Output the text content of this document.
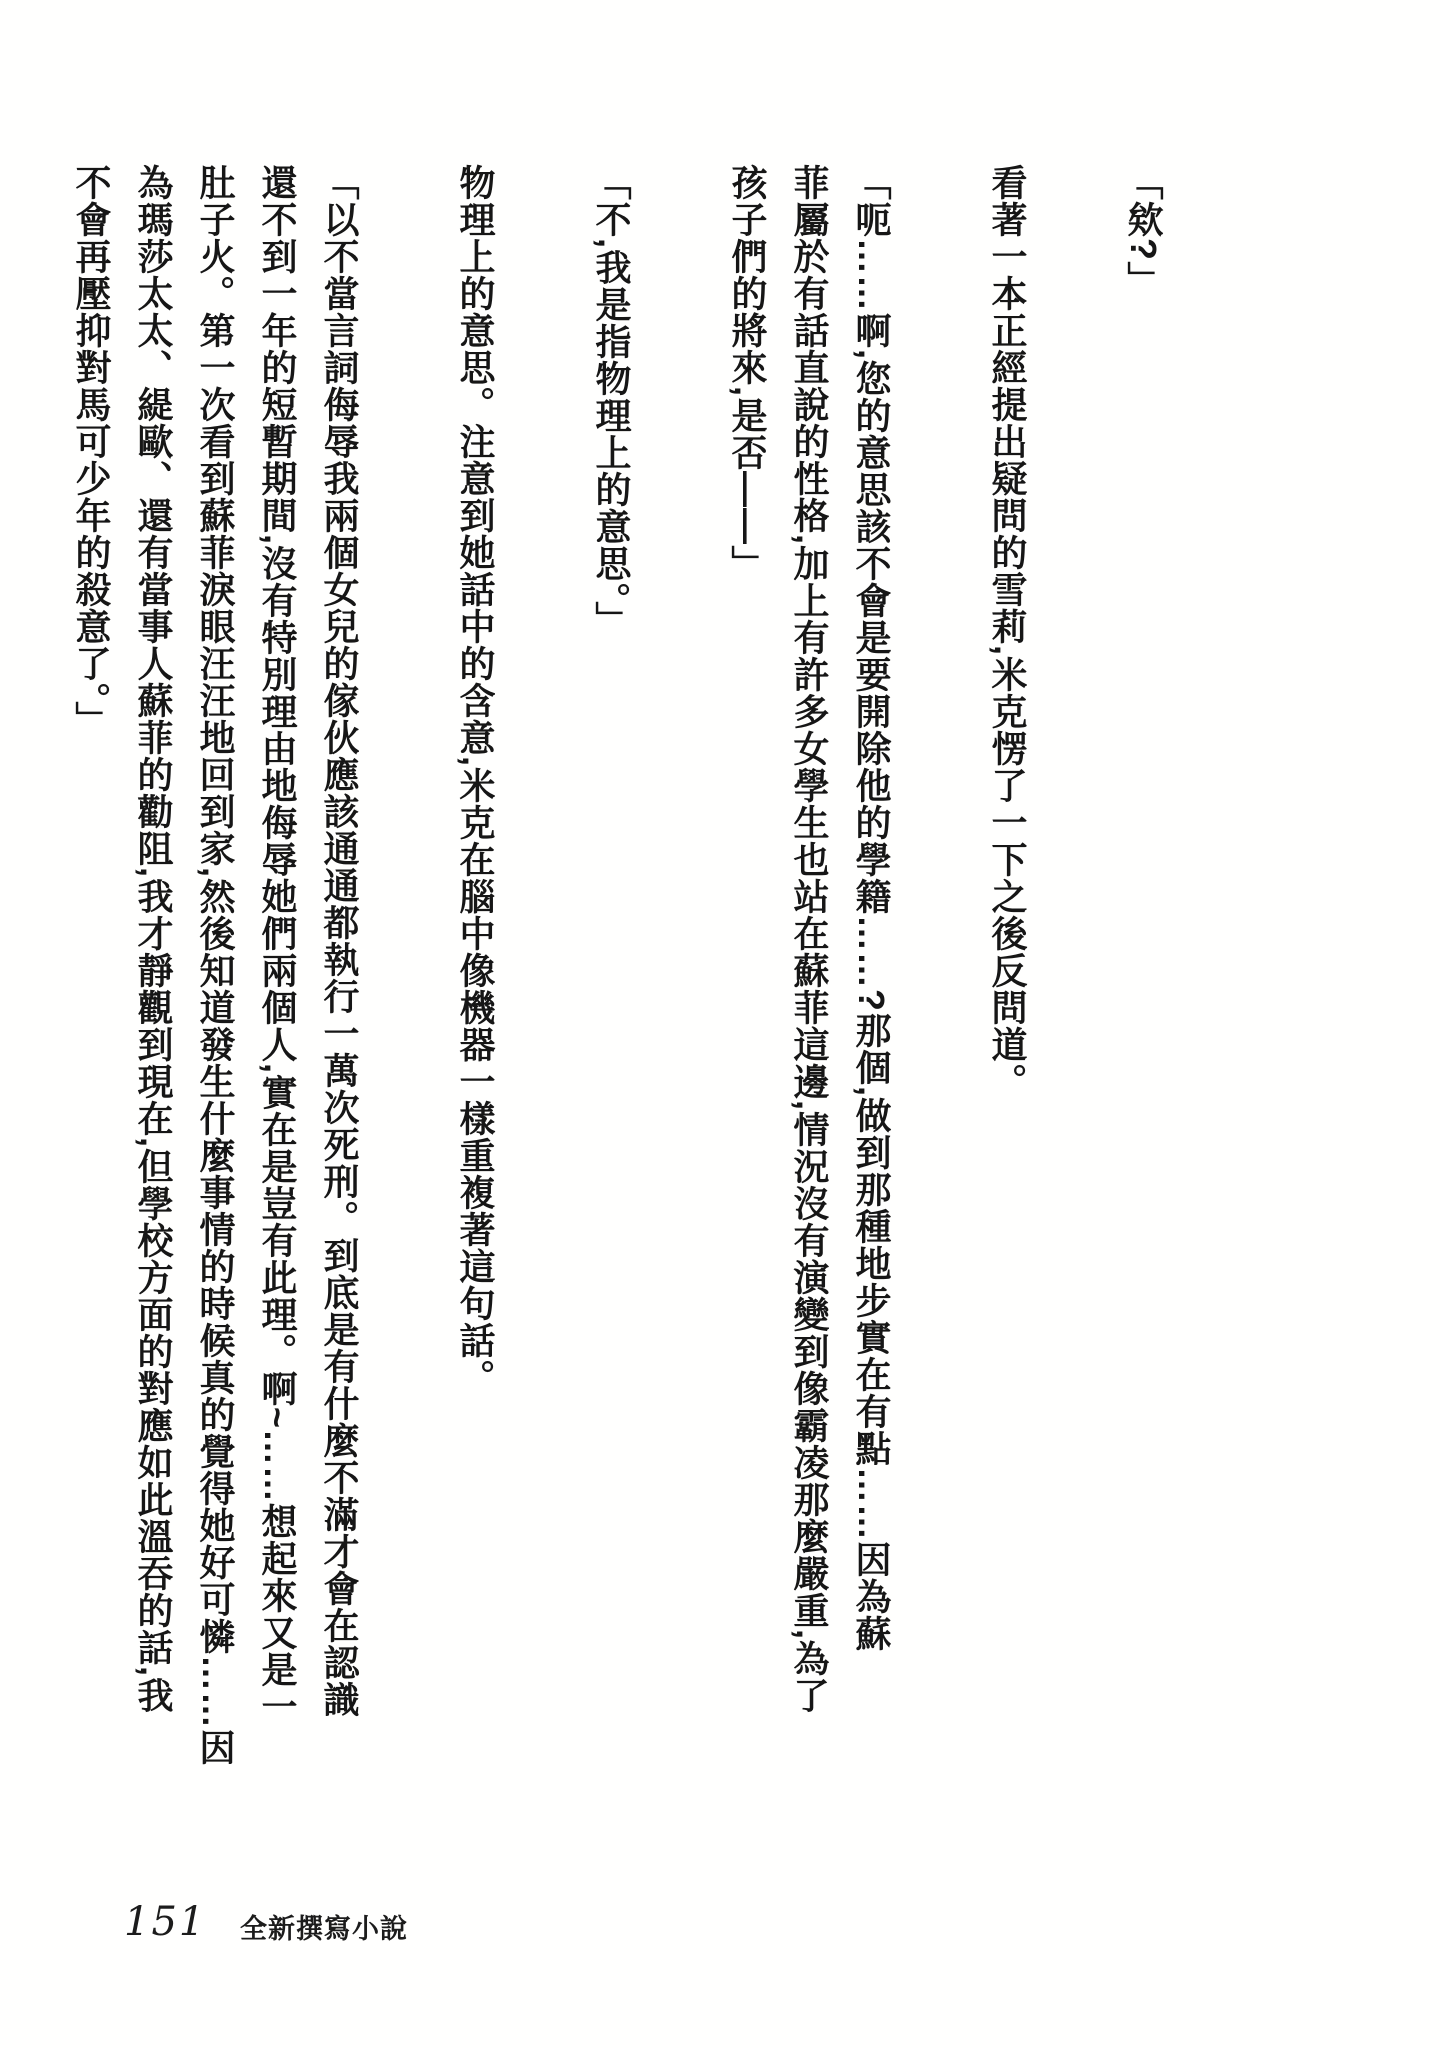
「欸?」
看著一本正經提出疑問的雪莉,米克愣了一下之後反問道。
「呃……啊,您的意思該不會是要開除他的學籍……?那個,做到那種地步實在有點……因為蘇
菲屬於有話直說的性格,加上有許多女學生也站在蘇菲這邊,情況沒有演變到像霸凌那麼嚴重,為了
孩子們的將來,是否——」
「不,我是指物理上的意思。」
物理上的意思。注意到她話中的含意,米克在腦中像機器一樣重複著這句話。
「以不當言詞侮辱我兩個女兒的傢伙應該通通都執行一萬次死刑。到底是有什麼不滿才會在認識
還不到一年的短暫期間,沒有特別理由地侮辱她們兩個人,實在是豈有此理。啊~……想起來又是一
肚子火。第一次看到蘇菲淚眼汪汪地回到家,然後知道發生什麼事情的時候真的覺得她好可憐……因
為瑪莎太太、緹歐、還有當事人蘇菲的勸阻,我才靜觀到現在,但學校方面的對應如此溫吞的話,我
不會再壓抑對馬可少年的殺意了。」
151 全新撰寫小說
